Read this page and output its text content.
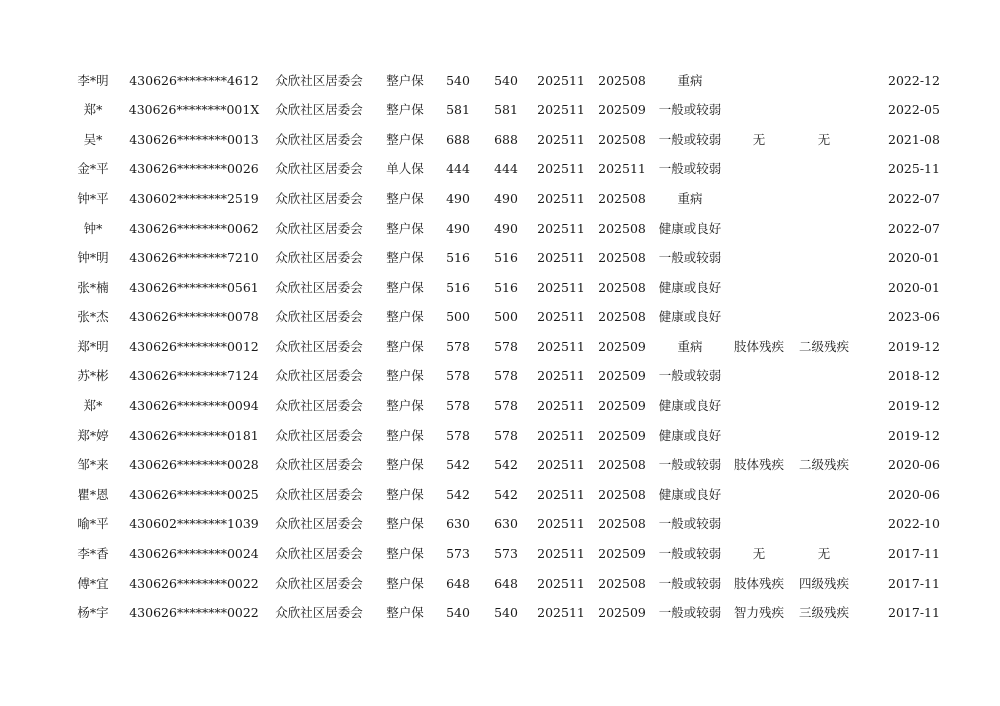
李*明	430626********4612	众欣社区居委会	整户保	540	540	202511	202508	重病				2022-12
郑*	430626********001X	众欣社区居委会	整户保	581	581	202511	202509	一般或较弱				2022-05
吴*	430626********0013	众欣社区居委会	整户保	688	688	202511	202508	一般或较弱	无	无		2021-08
金*平	430626********0026	众欣社区居委会	单人保	444	444	202511	202511	一般或较弱				2025-11
钟*平	430602********2519	众欣社区居委会	整户保	490	490	202511	202508	重病				2022-07
钟*	430626********0062	众欣社区居委会	整户保	490	490	202511	202508	健康或良好				2022-07
钟*明	430626********7210	众欣社区居委会	整户保	516	516	202511	202508	一般或较弱				2020-01
张*楠	430626********0561	众欣社区居委会	整户保	516	516	202511	202508	健康或良好				2020-01
张*杰	430626********0078	众欣社区居委会	整户保	500	500	202511	202508	健康或良好				2023-06
郑*明	430626********0012	众欣社区居委会	整户保	578	578	202511	202509	重病	肢体残疾	二级残疾		2019-12
苏*彬	430626********7124	众欣社区居委会	整户保	578	578	202511	202509	一般或较弱				2018-12
郑*	430626********0094	众欣社区居委会	整户保	578	578	202511	202509	健康或良好				2019-12
郑*婷	430626********0181	众欣社区居委会	整户保	578	578	202511	202509	健康或良好				2019-12
邹*来	430626********0028	众欣社区居委会	整户保	542	542	202511	202508	一般或较弱	肢体残疾	二级残疾		2020-06
瞿*恩	430626********0025	众欣社区居委会	整户保	542	542	202511	202508	健康或良好				2020-06
喻*平	430602********1039	众欣社区居委会	整户保	630	630	202511	202508	一般或较弱				2022-10
李*香	430626********0024	众欣社区居委会	整户保	573	573	202511	202509	一般或较弱	无	无		2017-11
傅*宜	430626********0022	众欣社区居委会	整户保	648	648	202511	202508	一般或较弱	肢体残疾	四级残疾		2017-11
杨*宇	430626********0022	众欣社区居委会	整户保	540	540	202511	202509	一般或较弱	智力残疾	三级残疾		2017-11
